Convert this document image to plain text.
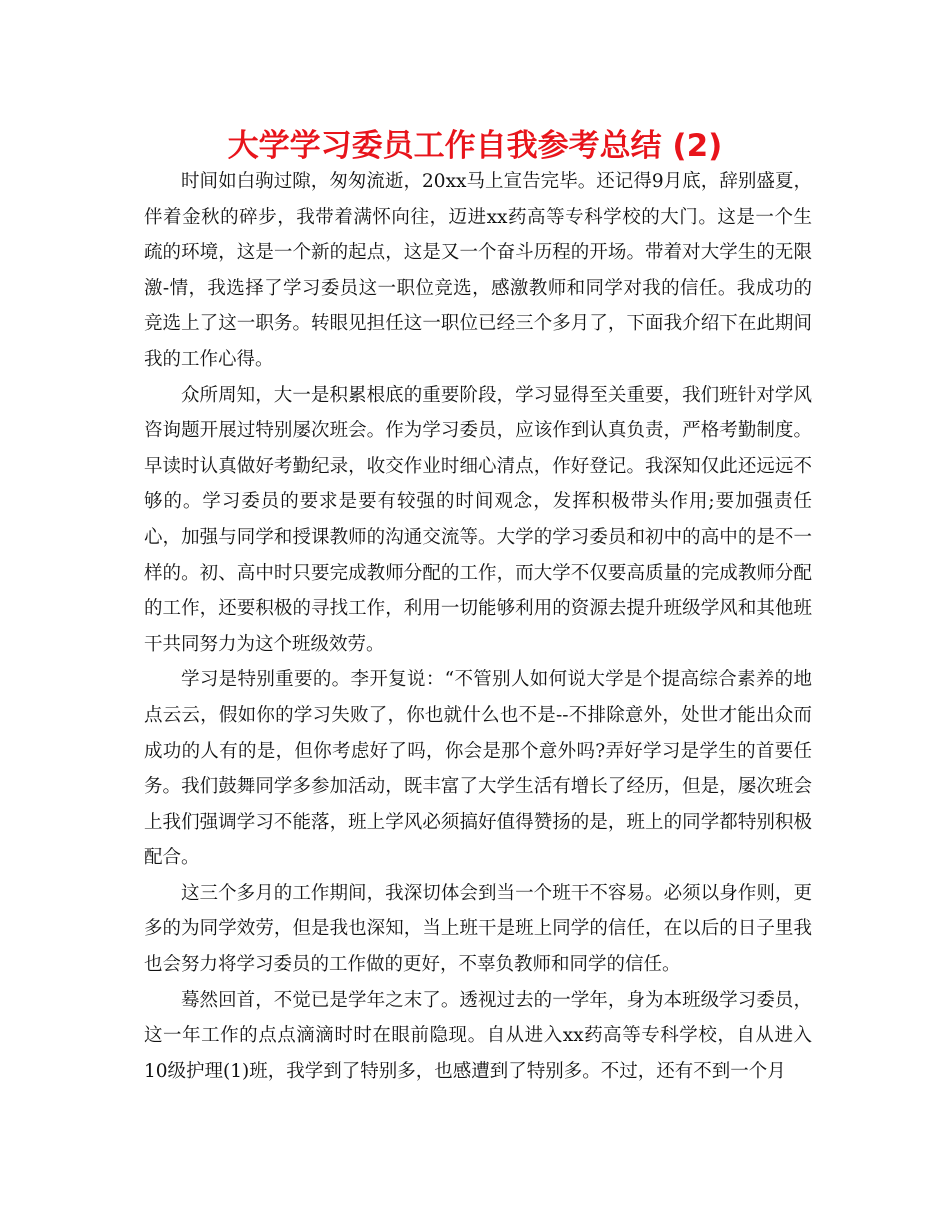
大学学习委员工作自我参考总结 (2)

时间如白驹过隙，匆匆流逝，20xx马上宣告完毕。还记得9月底，辞别盛夏，伴着金秋的碎步，我带着满怀向往，迈进xx药高等专科学校的大门。这是一个生疏的环境，这是一个新的起点，这是又一个奋斗历程的开场。带着对大学生的无限激-情，我选择了学习委员这一职位竞选，感激教师和同学对我的信任。我成功的竞选上了这一职务。转眼见担任这一职位已经三个多月了，下面我介绍下在此期间我的工作心得。

众所周知，大一是积累根底的重要阶段，学习显得至关重要，我们班针对学风咨询题开展过特别屡次班会。作为学习委员，应该作到认真负责，严格考勤制度。早读时认真做好考勤纪录，收交作业时细心清点，作好登记。我深知仅此还远远不够的。学习委员的要求是要有较强的时间观念，发挥积极带头作用;要加强责任心，加强与同学和授课教师的沟通交流等。大学的学习委员和初中的高中的是不一样的。初、高中时只要完成教师分配的工作，而大学不仅要高质量的完成教师分配的工作，还要积极的寻找工作，利用一切能够利用的资源去提升班级学风和其他班干共同努力为这个班级效劳。

学习是特别重要的。李开复说：“不管别人如何说大学是个提高综合素养的地点云云，假如你的学习失败了，你也就什么也不是--不排除意外，处世才能出众而成功的人有的是，但你考虑好了吗，你会是那个意外吗?弄好学习是学生的首要任务。我们鼓舞同学多参加活动，既丰富了大学生活有增长了经历，但是，屡次班会上我们强调学习不能落，班上学风必须搞好值得赞扬的是，班上的同学都特别积极配合。

这三个多月的工作期间，我深切体会到当一个班干不容易。必须以身作则，更多的为同学效劳，但是我也深知，当上班干是班上同学的信任，在以后的日子里我也会努力将学习委员的工作做的更好，不辜负教师和同学的信任。

蓦然回首，不觉已是学年之末了。透视过去的一学年，身为本班级学习委员，这一年工作的点点滴滴时时在眼前隐现。自从进入xx药高等专科学校，自从进入10级护理(1)班，我学到了特别多，也感遭到了特别多。不过，还有不到一个月
